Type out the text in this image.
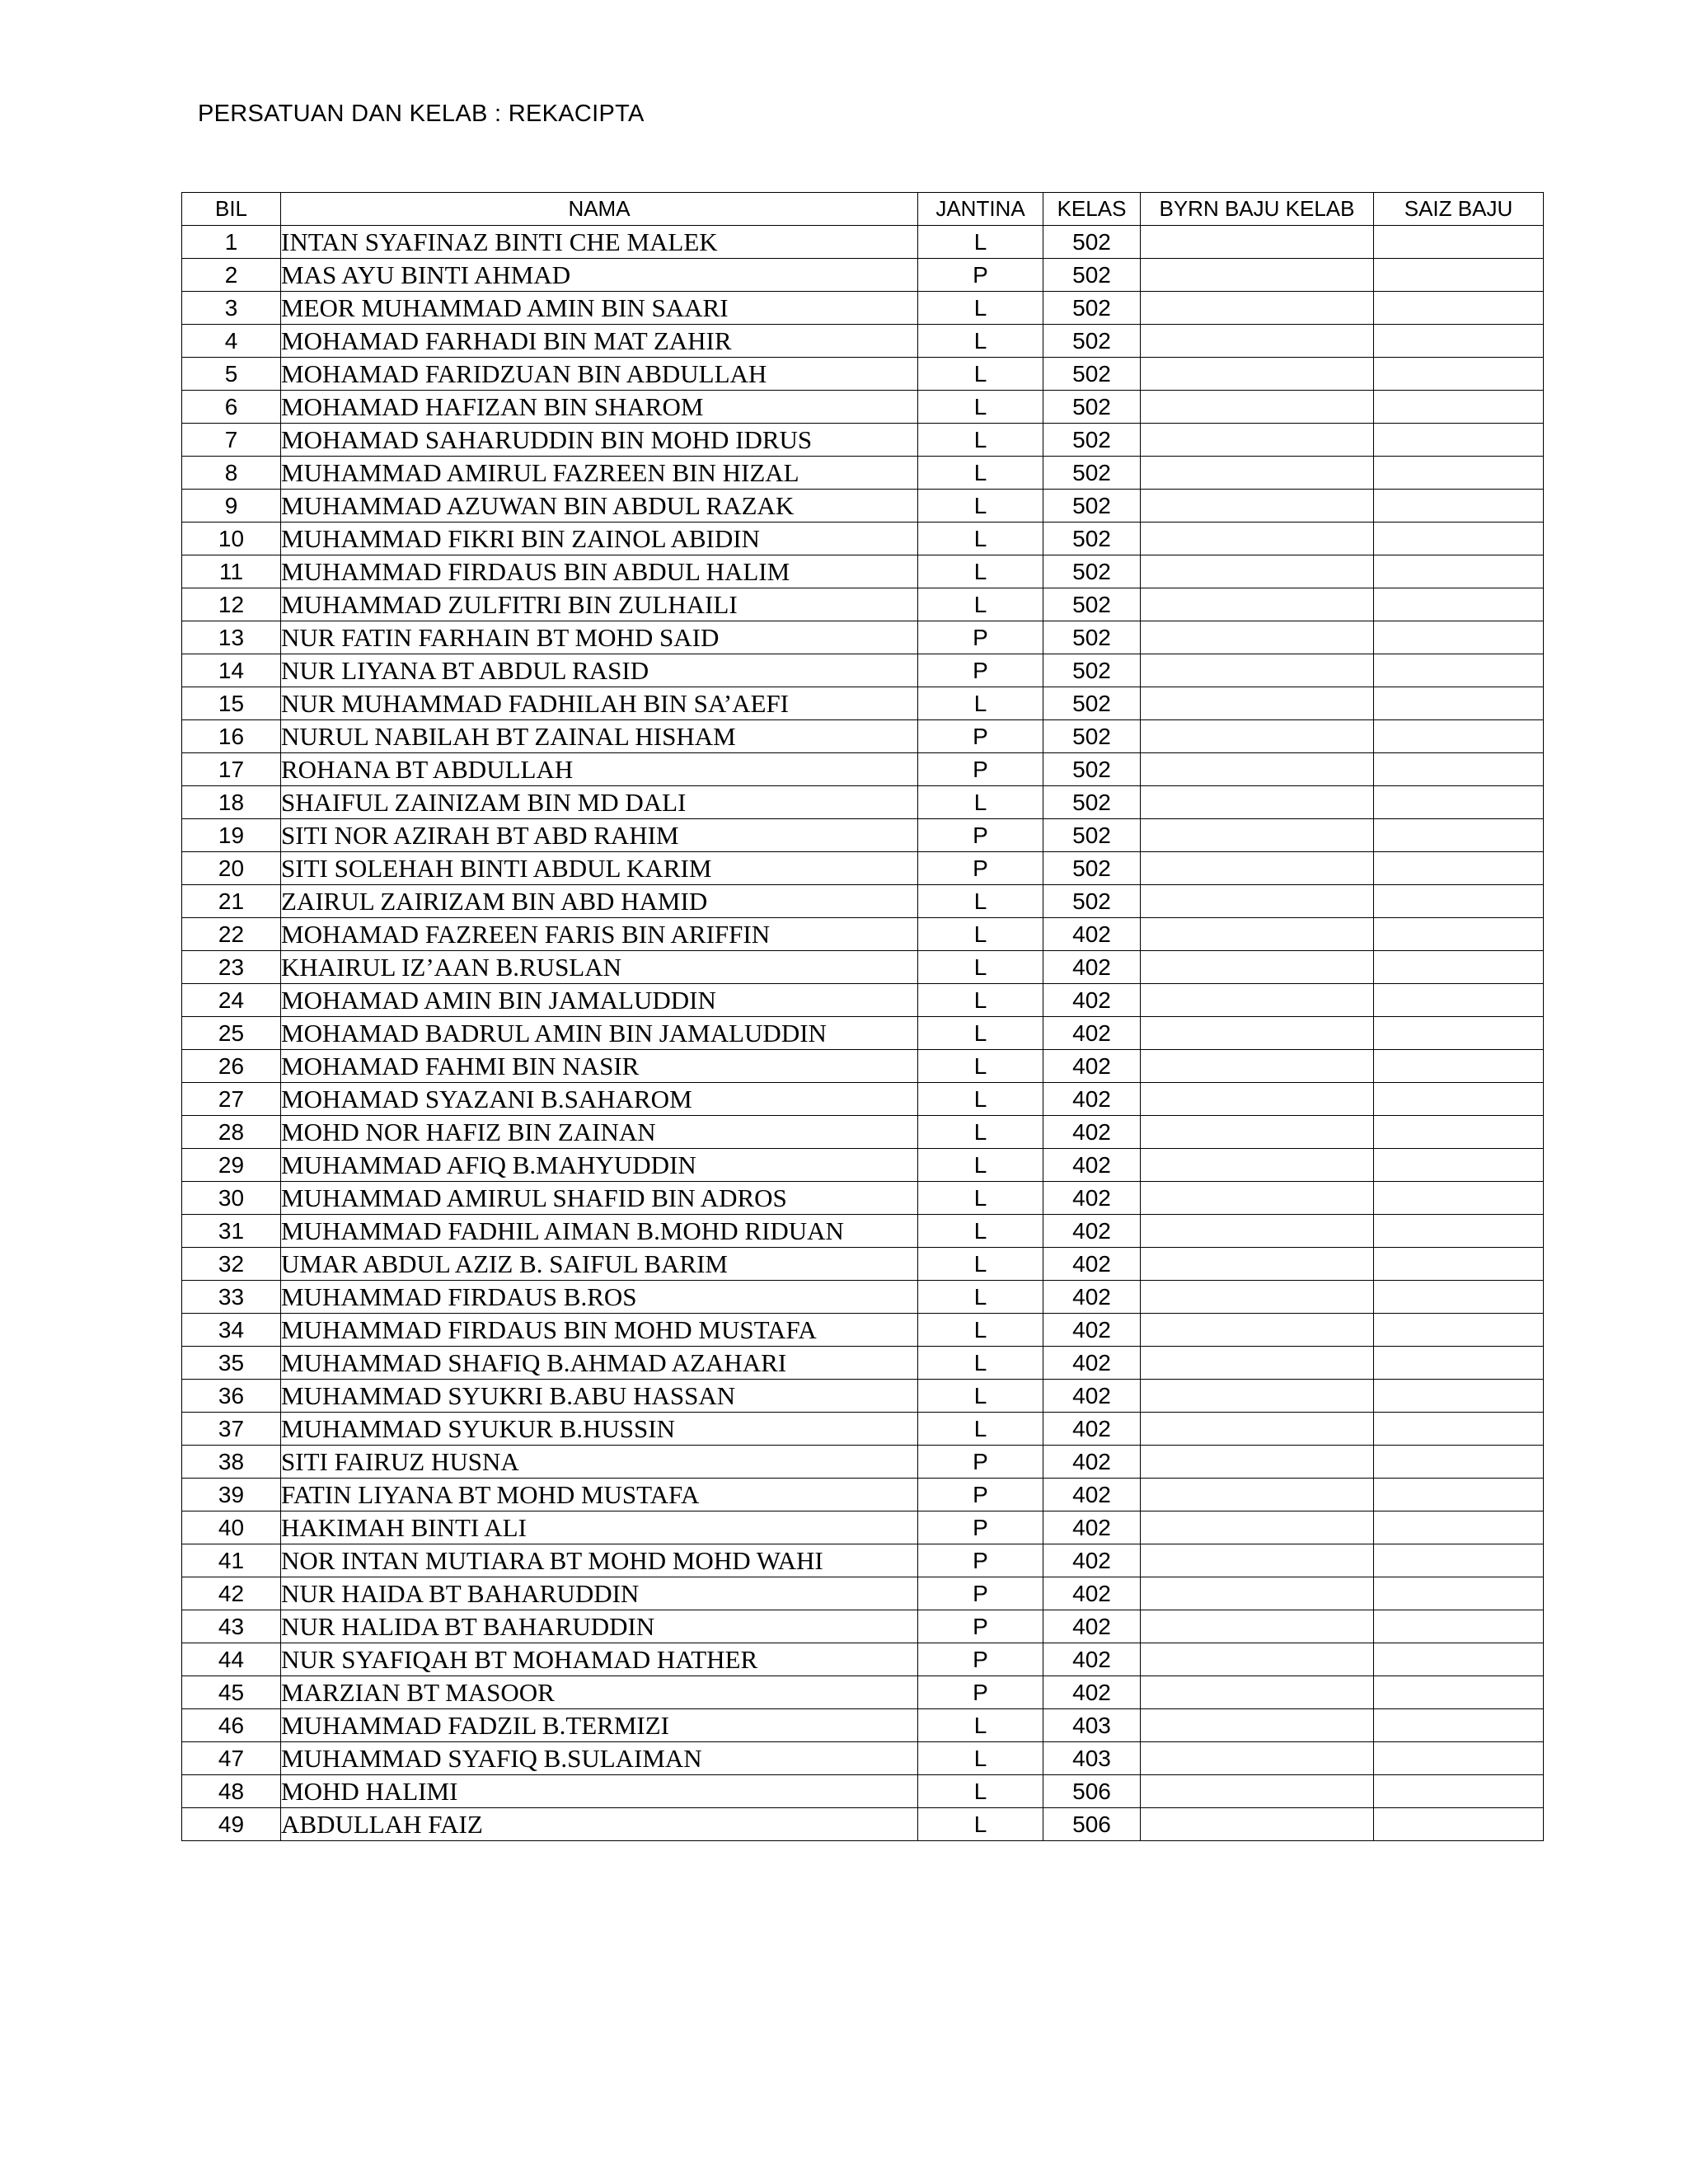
PERSATUAN DAN KELAB : REKACIPTA
BIL	NAMA	JANTINA	KELAS	BYRN BAJU KELAB	SAIZ BAJU
1	INTAN SYAFINAZ BINTI CHE MALEK	L	502		
2	MAS AYU BINTI AHMAD	P	502		
3	MEOR MUHAMMAD AMIN BIN SAARI	L	502		
4	MOHAMAD FARHADI BIN MAT ZAHIR	L	502		
5	MOHAMAD FARIDZUAN BIN ABDULLAH	L	502		
6	MOHAMAD HAFIZAN BIN SHAROM	L	502		
7	MOHAMAD SAHARUDDIN BIN MOHD IDRUS	L	502		
8	MUHAMMAD AMIRUL FAZREEN BIN HIZAL	L	502		
9	MUHAMMAD AZUWAN BIN ABDUL RAZAK	L	502		
10	MUHAMMAD FIKRI BIN ZAINOL ABIDIN	L	502		
11	MUHAMMAD FIRDAUS BIN ABDUL HALIM	L	502		
12	MUHAMMAD ZULFITRI BIN ZULHAILI	L	502		
13	NUR FATIN FARHAIN BT MOHD SAID	P	502		
14	NUR LIYANA BT ABDUL RASID	P	502		
15	NUR MUHAMMAD FADHILAH BIN SA’AEFI	L	502		
16	NURUL NABILAH BT ZAINAL HISHAM	P	502		
17	ROHANA BT ABDULLAH	P	502		
18	SHAIFUL ZAINIZAM BIN MD DALI	L	502		
19	SITI NOR AZIRAH BT ABD RAHIM	P	502		
20	SITI SOLEHAH BINTI ABDUL KARIM	P	502		
21	ZAIRUL ZAIRIZAM BIN ABD HAMID	L	502		
22	MOHAMAD FAZREEN FARIS BIN ARIFFIN	L	402		
23	KHAIRUL IZ’AAN B.RUSLAN	L	402		
24	MOHAMAD AMIN BIN JAMALUDDIN	L	402		
25	MOHAMAD BADRUL AMIN BIN JAMALUDDIN	L	402		
26	MOHAMAD FAHMI BIN NASIR	L	402		
27	MOHAMAD SYAZANI B.SAHAROM	L	402		
28	MOHD NOR HAFIZ BIN ZAINAN	L	402		
29	MUHAMMAD AFIQ B.MAHYUDDIN	L	402		
30	MUHAMMAD AMIRUL SHAFID BIN ADROS	L	402		
31	MUHAMMAD FADHIL AIMAN B.MOHD RIDUAN	L	402		
32	UMAR ABDUL AZIZ B. SAIFUL BARIM	L	402		
33	MUHAMMAD FIRDAUS B.ROS	L	402		
34	MUHAMMAD FIRDAUS BIN MOHD MUSTAFA	L	402		
35	MUHAMMAD SHAFIQ B.AHMAD AZAHARI	L	402		
36	MUHAMMAD SYUKRI B.ABU HASSAN	L	402		
37	MUHAMMAD SYUKUR B.HUSSIN	L	402		
38	SITI FAIRUZ HUSNA	P	402		
39	FATIN LIYANA BT MOHD MUSTAFA	P	402		
40	HAKIMAH BINTI ALI	P	402		
41	NOR INTAN MUTIARA BT MOHD MOHD WAHI	P	402		
42	NUR HAIDA BT BAHARUDDIN	P	402		
43	NUR HALIDA BT BAHARUDDIN	P	402		
44	NUR SYAFIQAH BT MOHAMAD HATHER	P	402		
45	MARZIAN BT MASOOR	P	402		
46	MUHAMMAD FADZIL B.TERMIZI	L	403		
47	MUHAMMAD SYAFIQ B.SULAIMAN	L	403		
48	MOHD HALIMI	L	506		
49	ABDULLAH FAIZ	L	506		
